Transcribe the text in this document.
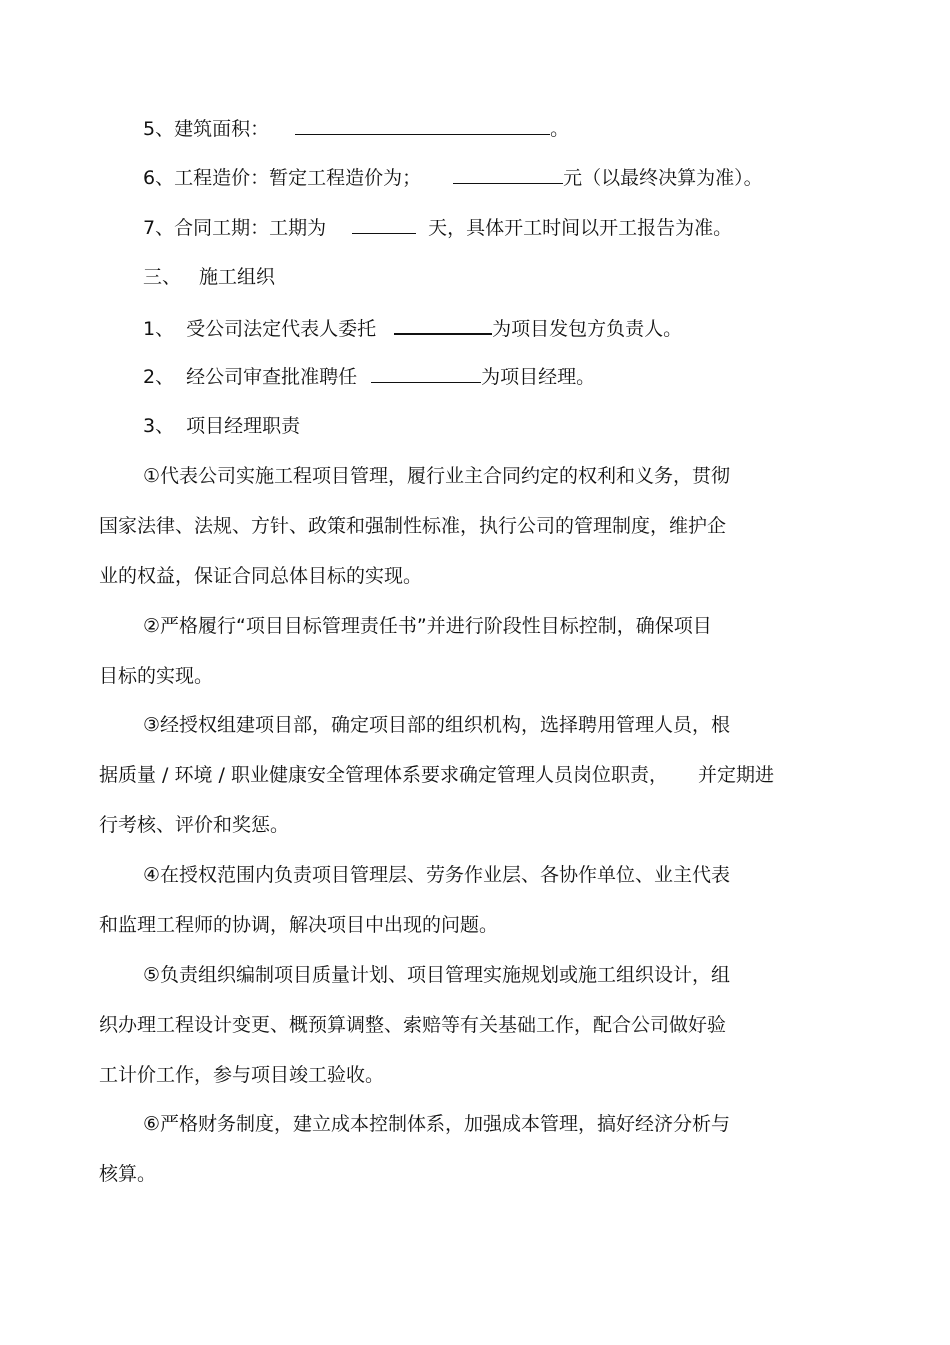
5、建筑面积：	。
6、工程造价：暂定工程造价为；	元（以最终决算为准）。
7、合同工期：工期为	天，具体开工时间以开工报告为准。
三、 施工组织
1、 受公司法定代表人委托	为项目发包方负责人。
2、 经公司审查批准聘任	为项目经理。
3、 项目经理职责
①代表公司实施工程项目管理，履行业主合同约定的权利和义务，贯彻
国家法律、法规、方针、政策和强制性标准，执行公司的管理制度，维护企
业的权益，保证合同总体目标的实现。
②严格履行“项目目标管理责任书”并进行阶段性目标控制，确保项目
目标的实现。
③经授权组建项目部，确定项目部的组织机构，选择聘用管理人员，根
据质量 / 环境 / 职业健康安全管理体系要求确定管理人员岗位职责， 并定期进
行考核、评价和奖惩。
④在授权范围内负责项目管理层、劳务作业层、各协作单位、业主代表
和监理工程师的协调，解决项目中出现的问题。
⑤负责组织编制项目质量计划、项目管理实施规划或施工组织设计，组
织办理工程设计变更、概预算调整、索赔等有关基础工作，配合公司做好验
工计价工作，参与项目竣工验收。
⑥严格财务制度，建立成本控制体系，加强成本管理，搞好经济分析与
核算。
